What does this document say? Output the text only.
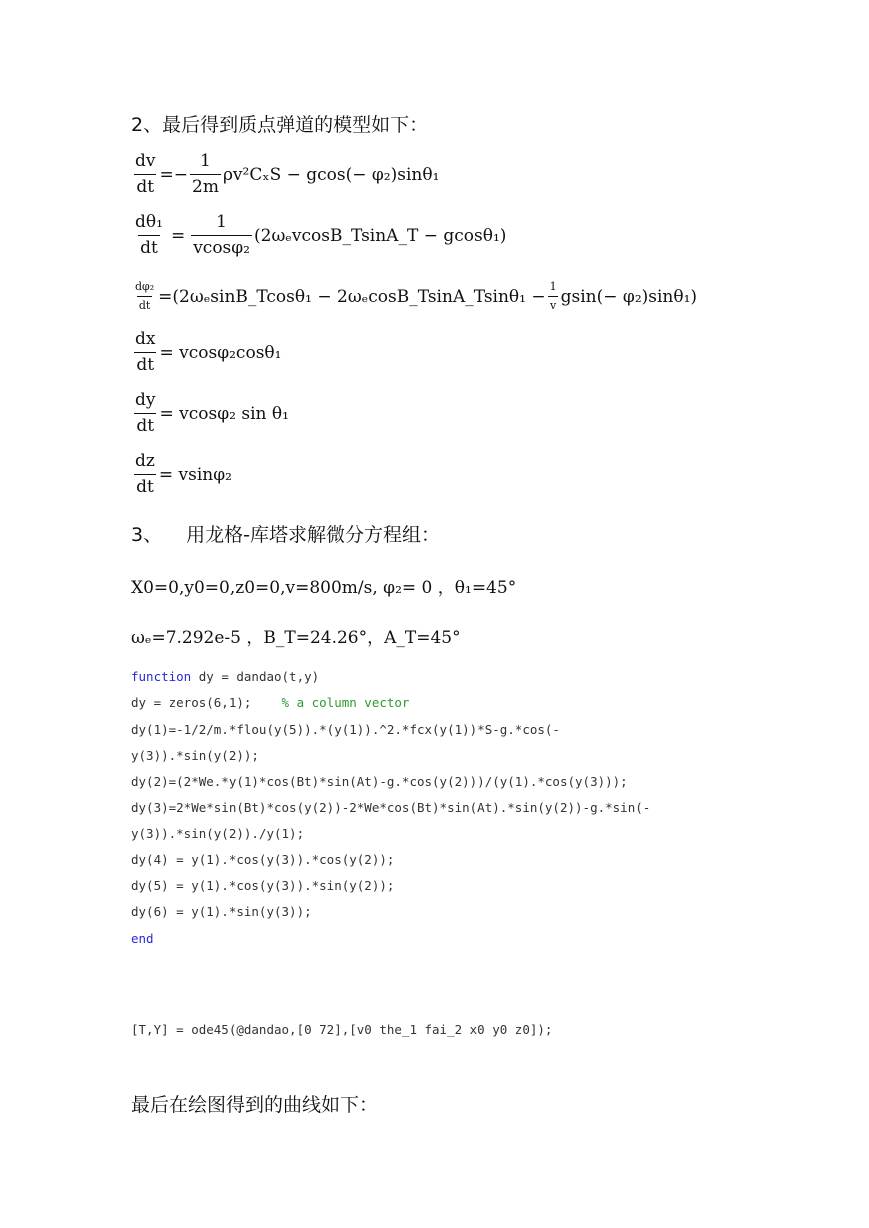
2、最后得到质点弹道的模型如下：
$\frac{dv}{dt} =- \frac{1}{2m} \rho v^2C_xS - gcos(- \varphi_2)\sin\theta_1$
$\frac{\text{dθ₁}}{dt} = \frac{1}{\text{vcosφ₂}}$ (2ωₑvcosB_TsinA_T − gcosθ₁)
$\frac{\text{dφ₂}}{dt}$ =(2ωₑsinB_Tcosθ₁ − 2ωₑcosB_TsinA_Tsinθ₁ − $\frac{1}{v} gsin(- \varphi_2)\sin\theta_1$)
$\frac{dx}{dt} = vcos\varphi_2\cos\theta_1$
$\frac{dy}{dt} = vcos\varphi_2$ sin θ₁
$\frac{dz}{dt} = vsin\varphi_2$
3、 用龙格-库塔求解微分方程组：
X0=0,y0=0,z0=0,v=800m/s, φ₂= 0 ，θ₁=45°
ωₑ=7.292e-5 ，B_T=24.26°，A_T=45°
function dy = dandao(t,y)
dy = zeros(6,1);    % a column vector
dy(1)=-1/2/m.*flou(y(5)).*(y(1)).^2.*fcx(y(1))*S-g.*cos(-
y(3)).*sin(y(2));
dy(2)=(2*We.*y(1)*cos(Bt)*sin(At)-g.*cos(y(2)))/(y(1).*cos(y(3)));
dy(3)=2*We*sin(Bt)*cos(y(2))-2*We*cos(Bt)*sin(At).*sin(y(2))-g.*sin(-
y(3)).*sin(y(2))./y(1);
dy(4) = y(1).*cos(y(3)).*cos(y(2));
dy(5) = y(1).*cos(y(3)).*sin(y(2));
dy(6) = y(1).*sin(y(3));
end
[T,Y] = ode45(@dandao,[0 72],[v0 the_1 fai_2 x0 y0 z0]);
最后在绘图得到的曲线如下：
